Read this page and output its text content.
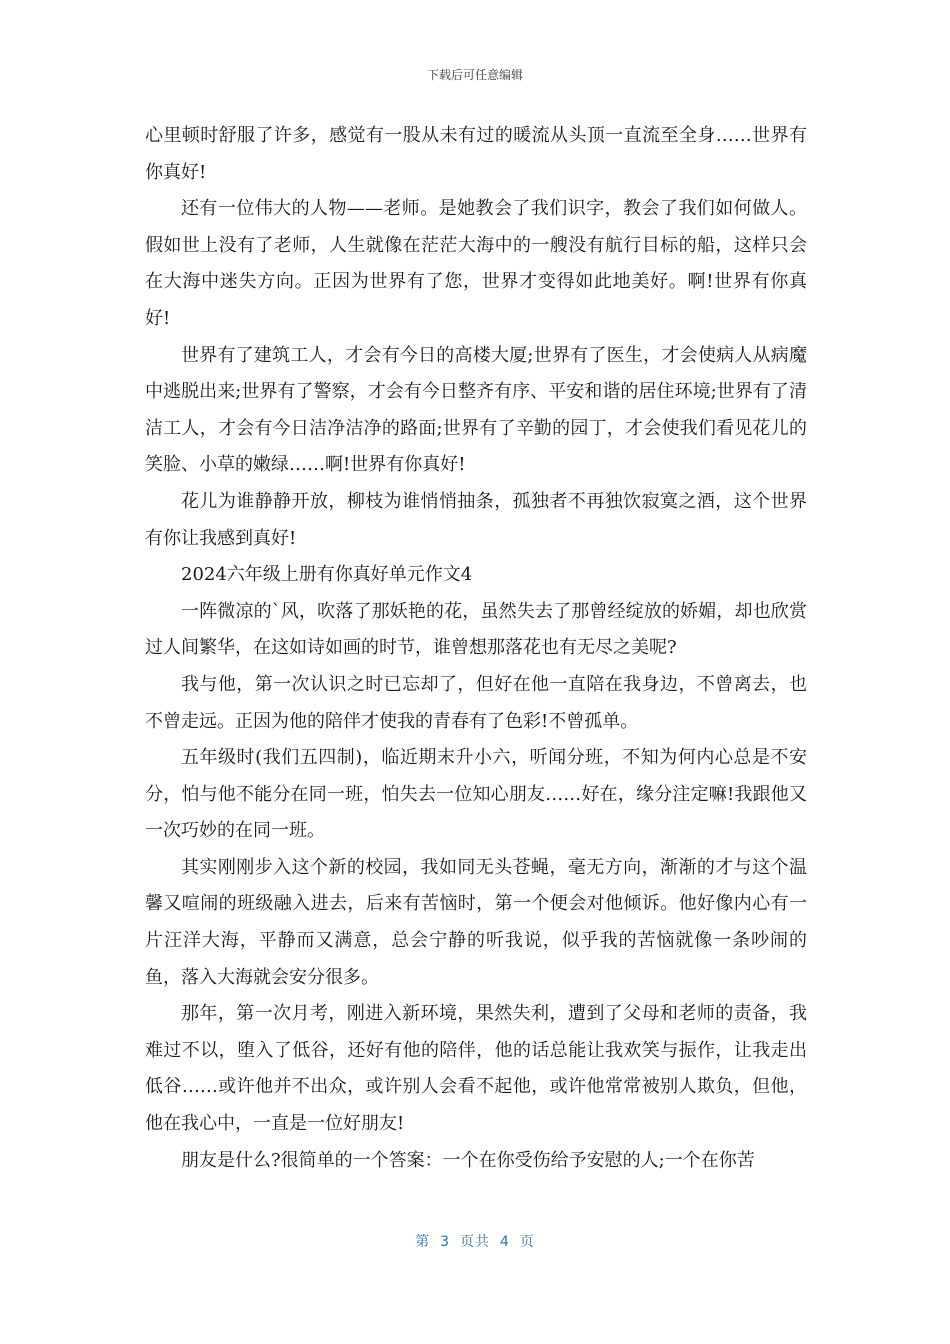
下载后可任意编辑

心里顿时舒服了许多，感觉有一股从未有过的暖流从头顶一直流至全身……世界有你真好!

还有一位伟大的人物——老师。是她教会了我们识字，教会了我们如何做人。假如世上没有了老师，人生就像在茫茫大海中的一艘没有航行目标的船，这样只会在大海中迷失方向。正因为世界有了您，世界才变得如此地美好。啊!世界有你真好!

世界有了建筑工人，才会有今日的高楼大厦;世界有了医生，才会使病人从病魔中逃脱出来;世界有了警察，才会有今日整齐有序、平安和谐的居住环境;世界有了清洁工人，才会有今日洁净洁净的路面;世界有了辛勤的园丁，才会使我们看见花儿的笑脸、小草的嫩绿……啊!世界有你真好!

花儿为谁静静开放，柳枝为谁悄悄抽条，孤独者不再独饮寂寞之酒，这个世界有你让我感到真好!

2024六年级上册有你真好单元作文4

一阵微凉的`风，吹落了那妖艳的花，虽然失去了那曾经绽放的娇媚，却也欣赏过人间繁华，在这如诗如画的时节，谁曾想那落花也有无尽之美呢?

我与他，第一次认识之时已忘却了，但好在他一直陪在我身边，不曾离去，也不曾走远。正因为他的陪伴才使我的青春有了色彩!不曾孤单。

五年级时(我们五四制)，临近期末升小六，听闻分班，不知为何内心总是不安分，怕与他不能分在同一班，怕失去一位知心朋友……好在，缘分注定嘛!我跟他又一次巧妙的在同一班。

其实刚刚步入这个新的校园，我如同无头苍蝇，毫无方向，渐渐的才与这个温馨又喧闹的班级融入进去，后来有苦恼时，第一个便会对他倾诉。他好像内心有一片汪洋大海，平静而又满意，总会宁静的听我说，似乎我的苦恼就像一条吵闹的鱼，落入大海就会安分很多。

那年，第一次月考，刚进入新环境，果然失利，遭到了父母和老师的责备，我难过不以，堕入了低谷，还好有他的陪伴，他的话总能让我欢笑与振作，让我走出低谷……或许他并不出众，或许别人会看不起他，或许他常常被别人欺负，但他，他在我心中，一直是一位好朋友!

朋友是什么?很简单的一个答案：一个在你受伤给予安慰的人;一个在你苦

第 3 页共 4 页
